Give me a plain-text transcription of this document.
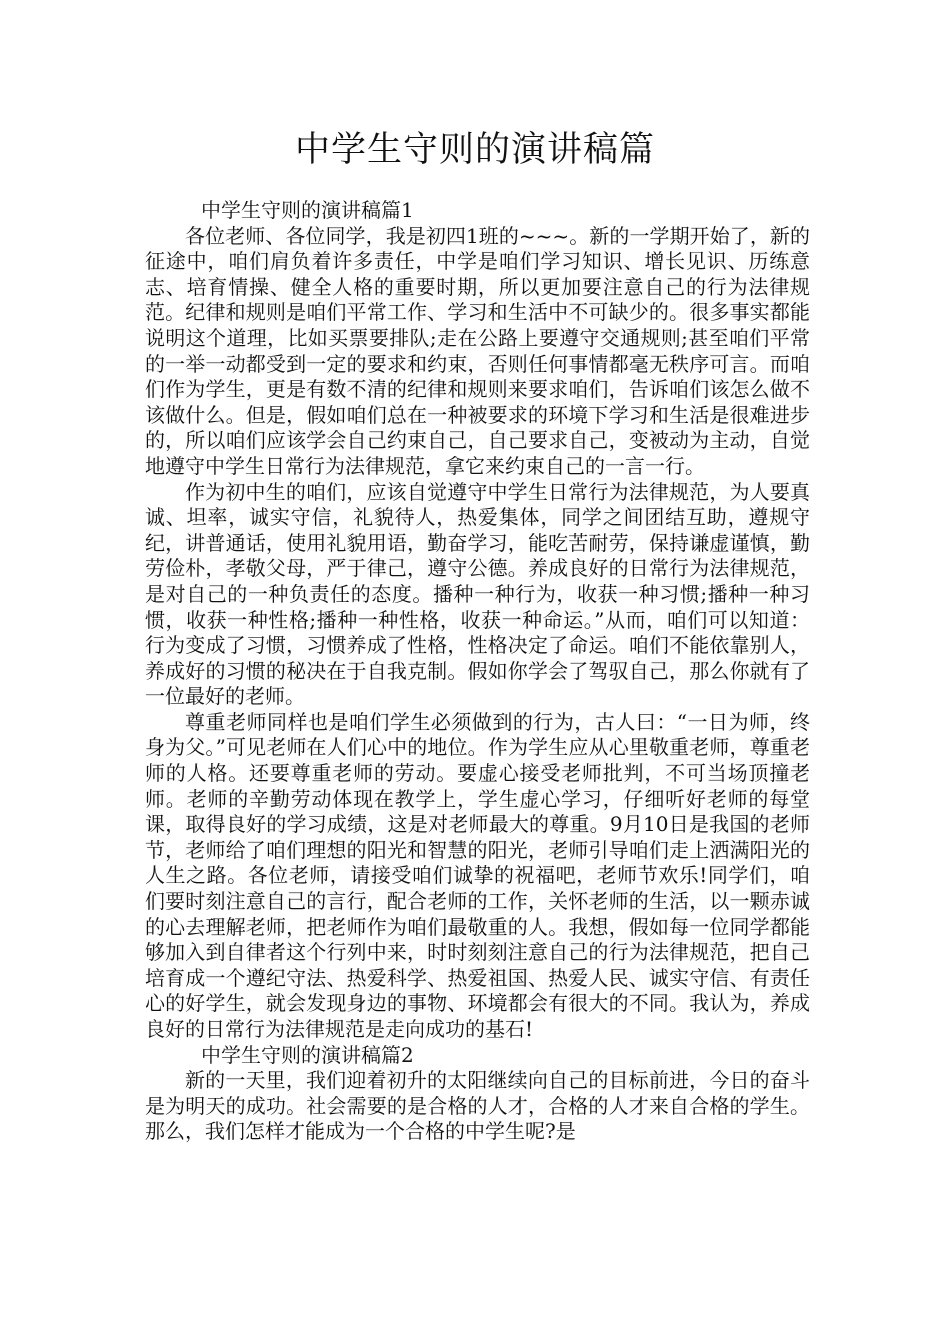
中学生守则的演讲稿篇

中学生守则的演讲稿篇1

各位老师、各位同学，我是初四1班的~~~。新的一学期开始了，新的征途中，咱们肩负着许多责任，中学是咱们学习知识、增长见识、历练意志、培育情操、健全人格的重要时期，所以更加要注意自己的行为法律规范。纪律和规则是咱们平常工作、学习和生活中不可缺少的。很多事实都能说明这个道理，比如买票要排队;走在公路上要遵守交通规则;甚至咱们平常的一举一动都受到一定的要求和约束，否则任何事情都毫无秩序可言。而咱们作为学生，更是有数不清的纪律和规则来要求咱们，告诉咱们该怎么做不该做什么。但是，假如咱们总在一种被要求的环境下学习和生活是很难进步的，所以咱们应该学会自己约束自己，自己要求自己，变被动为主动，自觉地遵守中学生日常行为法律规范，拿它来约束自己的一言一行。

作为初中生的咱们，应该自觉遵守中学生日常行为法律规范，为人要真诚、坦率，诚实守信，礼貌待人，热爱集体，同学之间团结互助，遵规守纪，讲普通话，使用礼貌用语，勤奋学习，能吃苦耐劳，保持谦虚谨慎，勤劳俭朴，孝敬父母，严于律己，遵守公德。养成良好的日常行为法律规范，是对自己的一种负责任的态度。播种一种行为，收获一种习惯;播种一种习惯，收获一种性格;播种一种性格，收获一种命运。”从而，咱们可以知道：行为变成了习惯，习惯养成了性格，性格决定了命运。咱们不能依靠别人，养成好的习惯的秘决在于自我克制。假如你学会了驾驭自己，那么你就有了一位最好的老师。

尊重老师同样也是咱们学生必须做到的行为，古人曰：“一日为师，终身为父。”可见老师在人们心中的地位。作为学生应从心里敬重老师，尊重老师的人格。还要尊重老师的劳动。要虚心接受老师批判，不可当场顶撞老师。老师的辛勤劳动体现在教学上，学生虚心学习，仔细听好老师的每堂课，取得良好的学习成绩，这是对老师最大的尊重。9月10日是我国的老师节，老师给了咱们理想的阳光和智慧的阳光，老师引导咱们走上洒满阳光的人生之路。各位老师，请接受咱们诚挚的祝福吧，老师节欢乐!同学们，咱们要时刻注意自己的言行，配合老师的工作，关怀老师的生活，以一颗赤诚的心去理解老师，把老师作为咱们最敬重的人。我想，假如每一位同学都能够加入到自律者这个行列中来，时时刻刻注意自己的行为法律规范，把自己培育成一个遵纪守法、热爱科学、热爱祖国、热爱人民、诚实守信、有责任心的好学生，就会发现身边的事物、环境都会有很大的不同。我认为，养成良好的日常行为法律规范是走向成功的基石!

中学生守则的演讲稿篇2

新的一天里，我们迎着初升的太阳继续向自己的目标前进，今日的奋斗是为明天的成功。社会需要的是合格的人才，合格的人才来自合格的学生。那么，我们怎样才能成为一个合格的中学生呢?是
